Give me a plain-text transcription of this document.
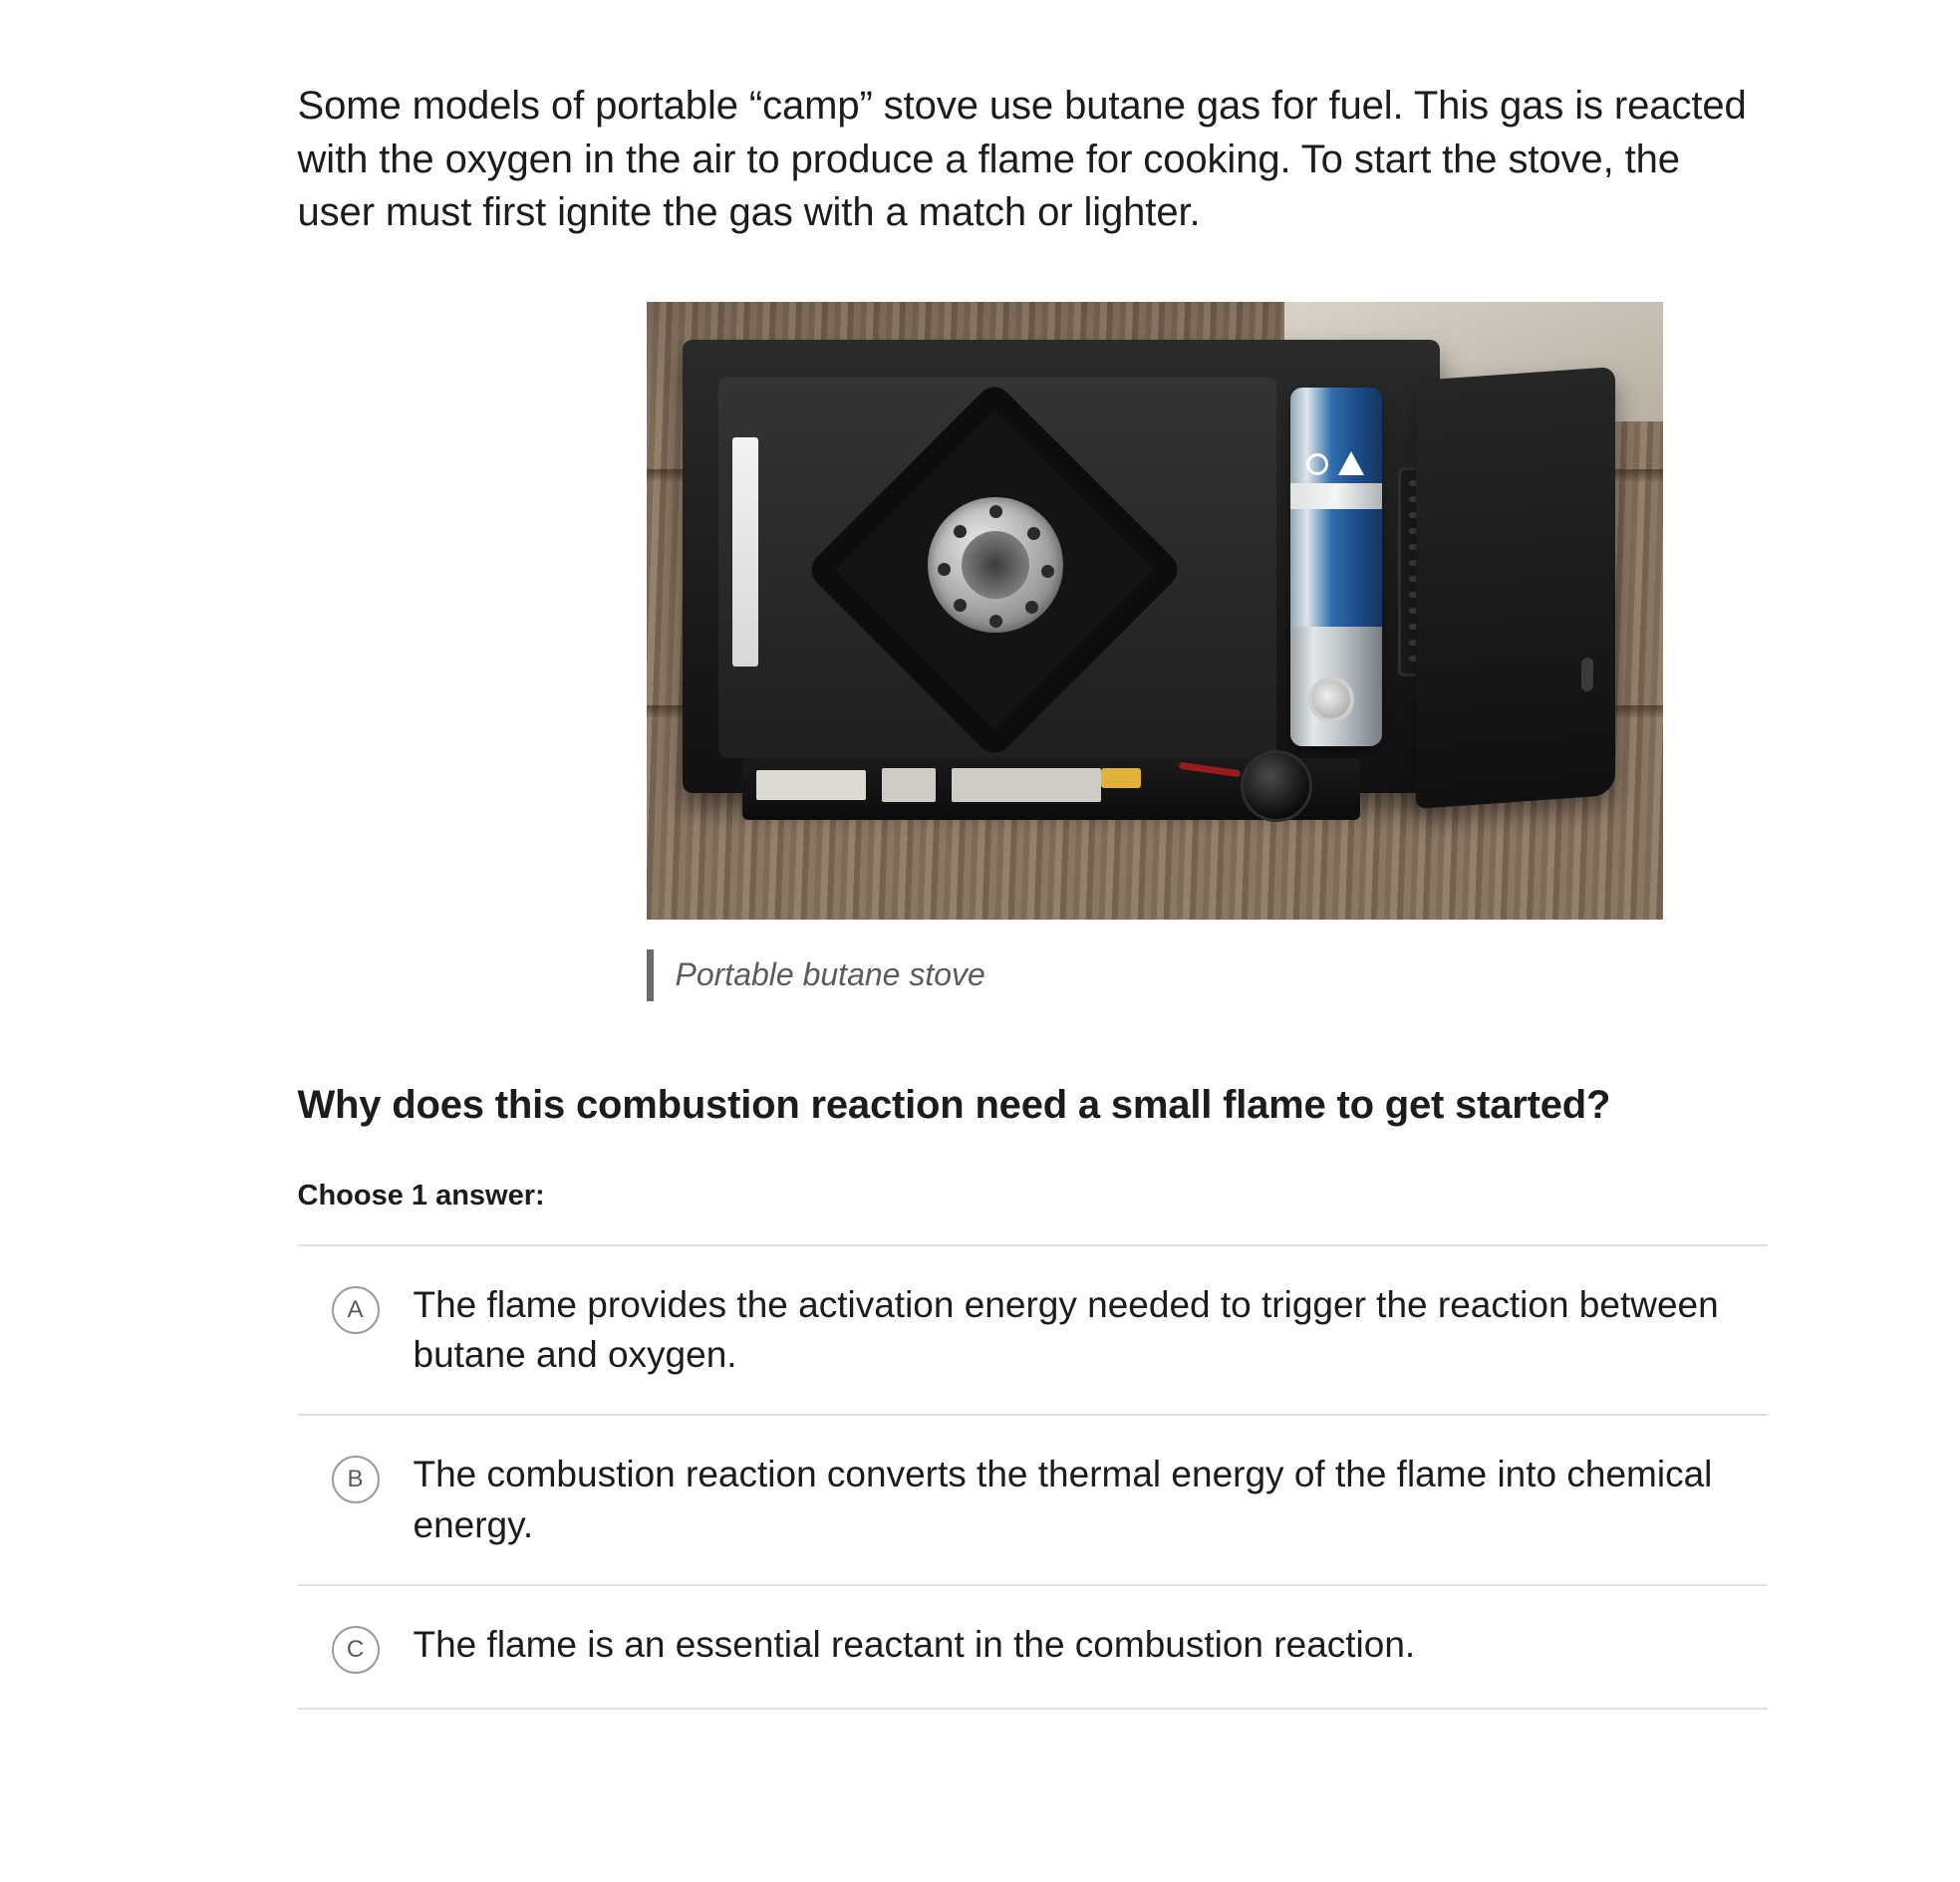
Some models of portable “camp” stove use butane gas for fuel. This gas is reacted with the oxygen in the air to produce a flame for cooking. To start the stove, the user must first ignite the gas with a match or lighter.

Portable butane stove
Why does this combustion reaction need a small flame to get started?
Choose 1 answer:
A	The flame provides the activation energy needed to trigger the reaction between butane and oxygen.
B	The combustion reaction converts the thermal energy of the flame into chemical energy.
C	The flame is an essential reactant in the combustion reaction.
